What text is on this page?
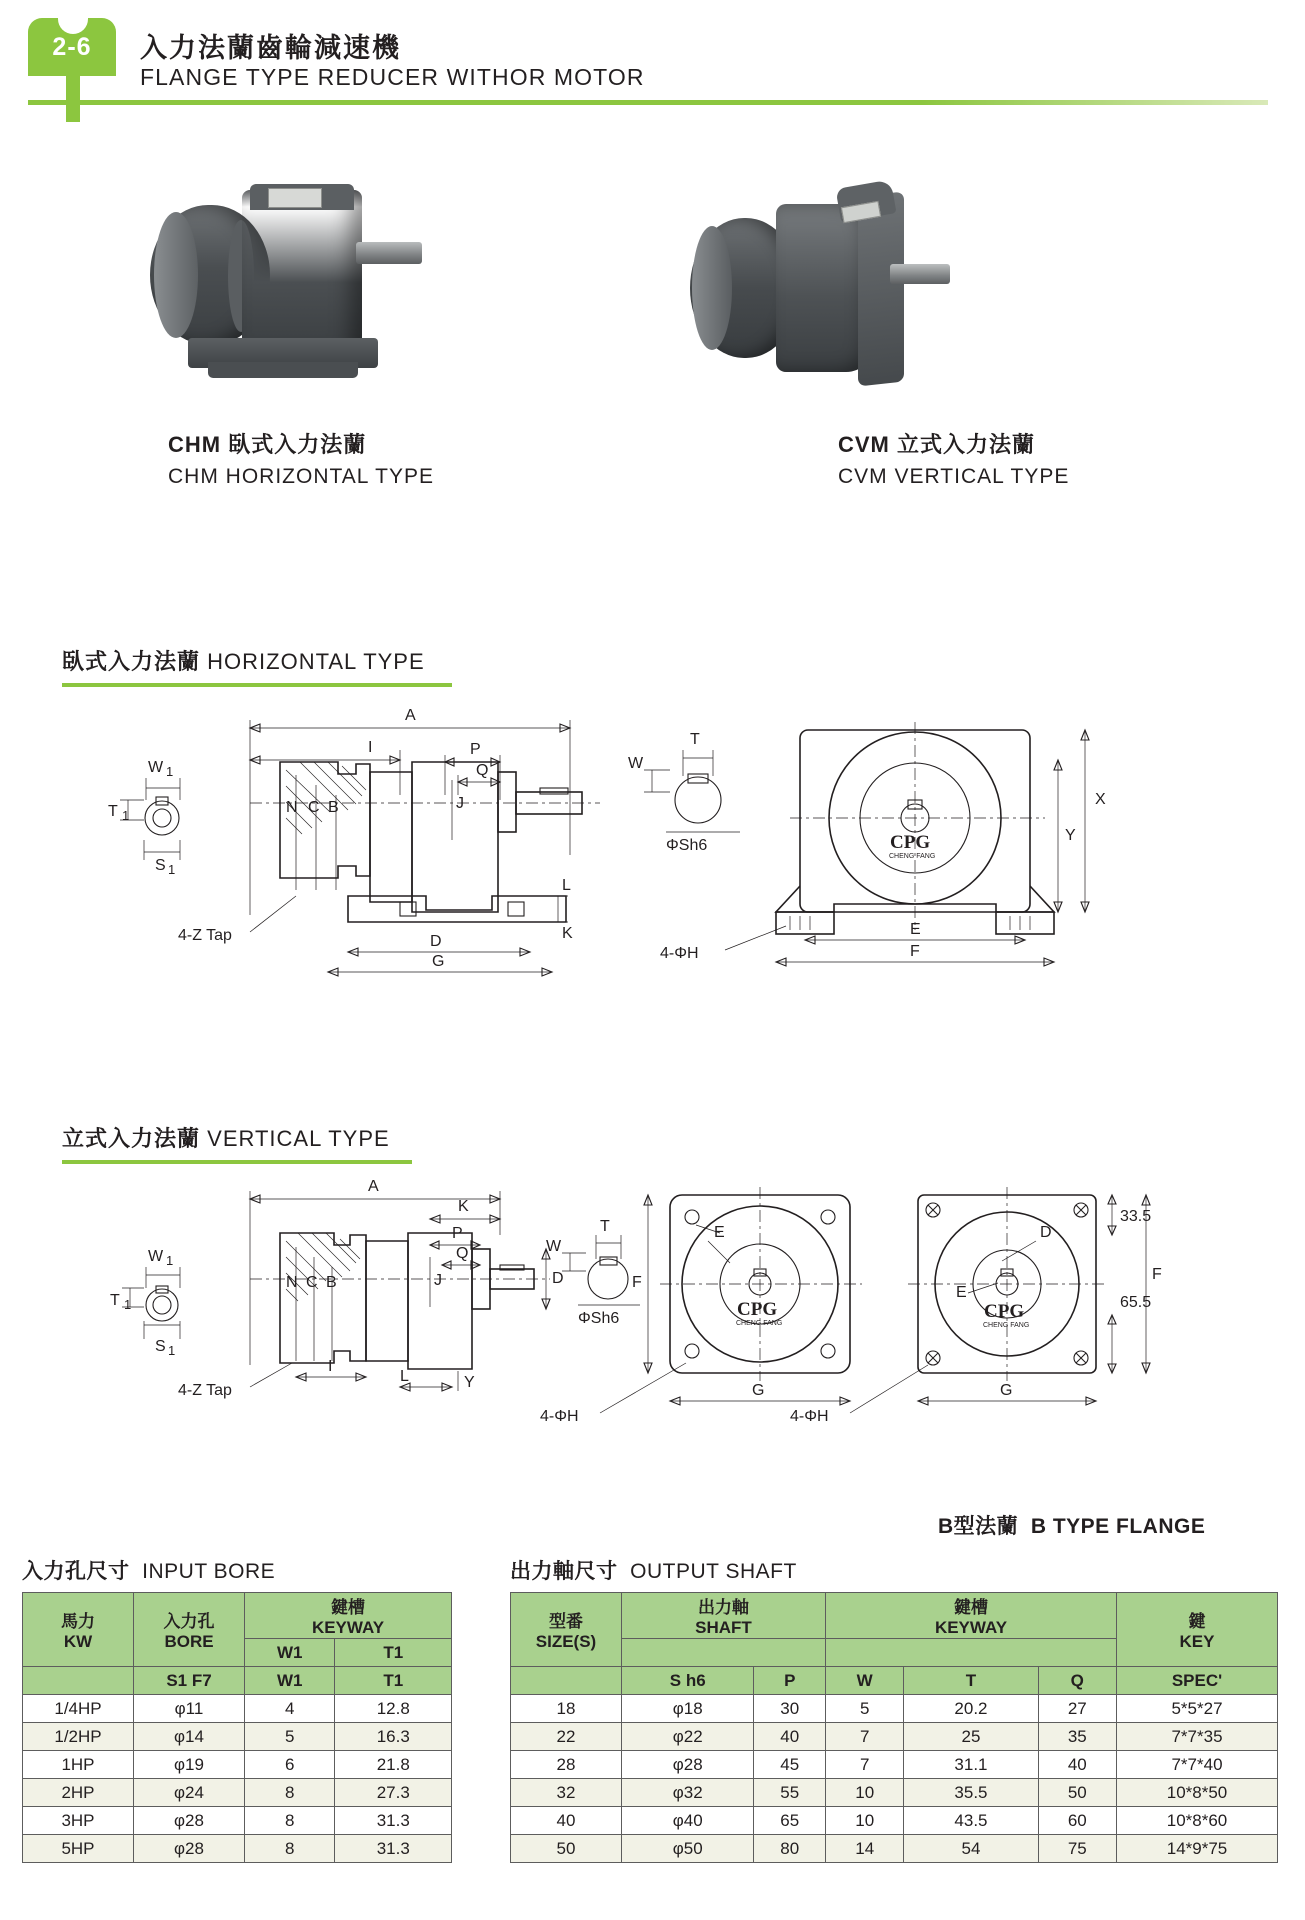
2-6	入力法蘭齒輪減速機
FLANGE TYPE REDUCER WITHOR MOTOR
CHM 臥式入力法蘭
CHM HORIZONTAL TYPE
CVM 立式入力法蘭
CVM VERTICAL TYPE
臥式入力法蘭 HORIZONTAL TYPE
A
I	P
Q
W 1
T 1
S 1
J
N C B
4-Z Tap	D
G
L
K
T
W
ΦSh6	CPG
CHENG FANG
X
Y
E
F
4-ΦH
立式入力法蘭 VERTICAL TYPE
A
K
P
Q
W 1
T 1
S 1
J
N C B
I
4-Z Tap
L	Y
D
T
W
ΦSh6	CPG
CHENG FANG
E
F
G
4-ΦH
CPG
CHENG FANG
D
E
33.5
F
65.5
G
4-ΦH
B型法蘭 B TYPE FLANGE
入力孔尺寸 INPUT BORE	出力軸尺寸 OUTPUT SHAFT
馬力
KW

入力孔
BORE

鍵槽
KEYWAY

		W1	T1
	S1 F7	W1	T1
1/4HP	φ11	4	12.8
1/2HP	φ14	5	16.3
1HP	φ19	6	21.8
2HP	φ24	8	27.3
3HP	φ28	8	31.3
5HP	φ28	8	31.3
型番
SIZE(S)

出力軸
SHAFT

鍵槽
KEYWAY	鍵
KEY

	S h6	P	W	T	Q	SPEC'
18	φ18	30	5	20.2	27	5*5*27
22	φ22	40	7	25	35	7*7*35
28	φ28	45	7	31.1	40	7*7*40
32	φ32	55	10	35.5	50	10*8*50
40	φ40	65	10	43.5	60	10*8*60
50	φ50	80	14	54	75	14*9*75
